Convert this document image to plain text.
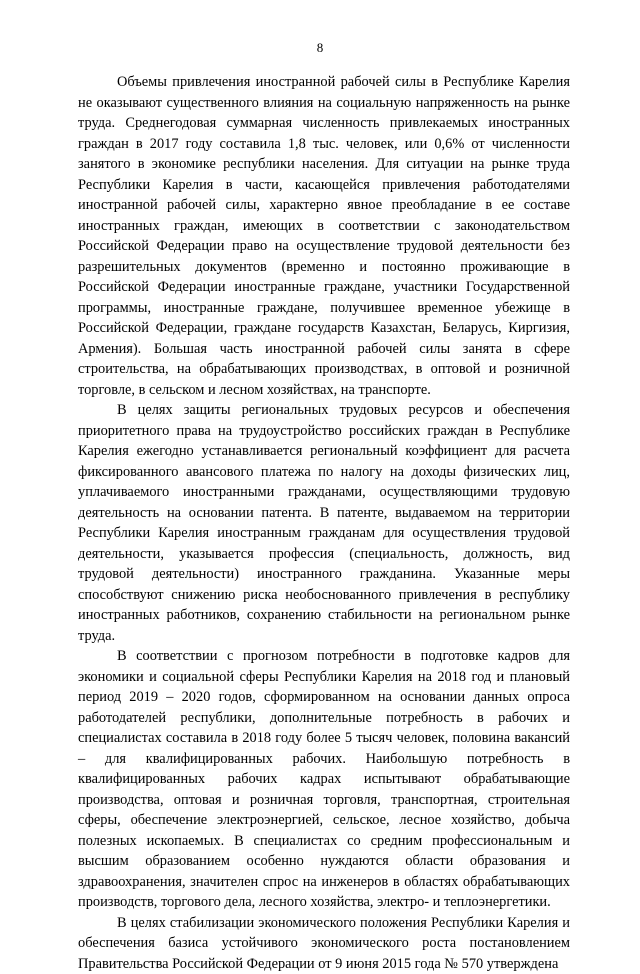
8

Объемы привлечения иностранной рабочей силы в Республике Карелия не оказывают существенного влияния на социальную напряженность на рынке труда. Среднегодовая суммарная численность привлекаемых иностранных граждан в 2017 году составила 1,8 тыс. человек, или 0,6% от численности занятого в экономике республики населения. Для ситуации на рынке труда Республики Карелия в части, касающейся привлечения работодателями иностранной рабочей силы, характерно явное преобладание в ее составе иностранных граждан, имеющих в соответствии с законодательством Российской Федерации право на осуществление трудовой деятельности без разрешительных документов (временно и постоянно проживающие в Российской Федерации иностранные граждане, участники Государственной программы, иностранные граждане, получившее временное убежище в Российской Федерации, граждане государств Казахстан, Беларусь, Киргизия, Армения). Большая часть иностранной рабочей силы занята в сфере строительства, на обрабатывающих производствах, в оптовой и розничной торговле, в сельском и лесном хозяйствах, на транспорте.

В целях защиты региональных трудовых ресурсов и обеспечения приоритетного права на трудоустройство российских граждан в Республике Карелия ежегодно устанавливается региональный коэффициент для расчета фиксированного авансового платежа по налогу на доходы физических лиц, уплачиваемого иностранными гражданами, осуществляющими трудовую деятельность на основании патента. В патенте, выдаваемом на территории Республики Карелия иностранным гражданам для осуществления трудовой деятельности, указывается профессия (специальность, должность, вид трудовой деятельности) иностранного гражданина. Указанные меры способствуют снижению риска необоснованного привлечения в республику иностранных работников, сохранению стабильности на региональном рынке труда.

В соответствии с прогнозом потребности в подготовке кадров для экономики и социальной сферы Республики Карелия на 2018 год и плановый период 2019 – 2020 годов, сформированном на основании данных опроса работодателей республики, дополнительные потребность в рабочих и специалистах составила в 2018 году более 5 тысяч человек, половина вакансий – для квалифицированных рабочих. Наибольшую потребность в квалифицированных рабочих кадрах испытывают обрабатывающие производства, оптовая и розничная торговля, транспортная, строительная сферы, обеспечение электроэнергией, сельское, лесное хозяйство, добыча полезных ископаемых. В специалистах со средним профессиональным и высшим образованием особенно нуждаются области образования и здравоохранения, значителен спрос на инженеров в областях обрабатывающих производств, торгового дела, лесного хозяйства, электро- и теплоэнергетики.

В целях стабилизации экономического положения Республики Карелия и обеспечения базиса устойчивого экономического роста постановлением Правительства Российской Федерации от 9 июня 2015 года № 570 утверждена
